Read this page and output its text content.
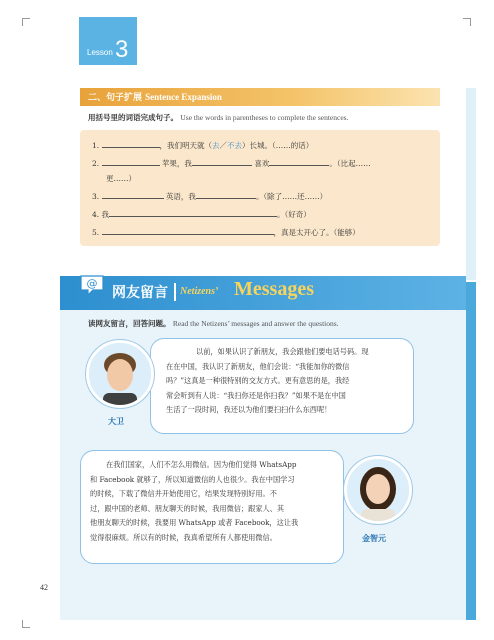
Lesson 3
二、句子扩展 Sentence Expansion
用括号里的词语完成句子。 Use the words in parentheses to complete the sentences.
1.	，我们明天就（去／不去）长城。（……的话）
2.	苹果，我	喜欢	。（比起……
更……）
3.	英语，我	。（除了……还……）
4. 我	。（好奇）
5.	，真是太开心了。（能够）
@
网友留言 Netizens’ Messages
读网友留言，回答问题。 Read the Netizens’ messages and answer the questions.
大卫
以前，如果认识了新朋友，我会跟他们要电话号码。现
在在中国，我认识了新朋友，他们会说：“我能加你的微信
吗？”这真是一种很特别的交友方式。更有意思的是，我经
常会听到有人说：“我扫你还是你扫我？”如果不是在中国
生活了一段时间，我还以为他们要扫扫什么东西呢！
金智元
在我们国家，人们不怎么用微信。因为他们觉得 WhatsApp
和 Facebook 就够了，所以知道微信的人也很少。我在中国学习
的时候，下载了微信并开始使用它，结果发现特别好用。不
过，跟中国的老师、朋友聊天的时候，我用微信；跟家人、其
他朋友聊天的时候，我要用 WhatsApp 或者 Facebook，这让我
觉得很麻烦。所以有的时候，我真希望所有人都使用微信。
42
